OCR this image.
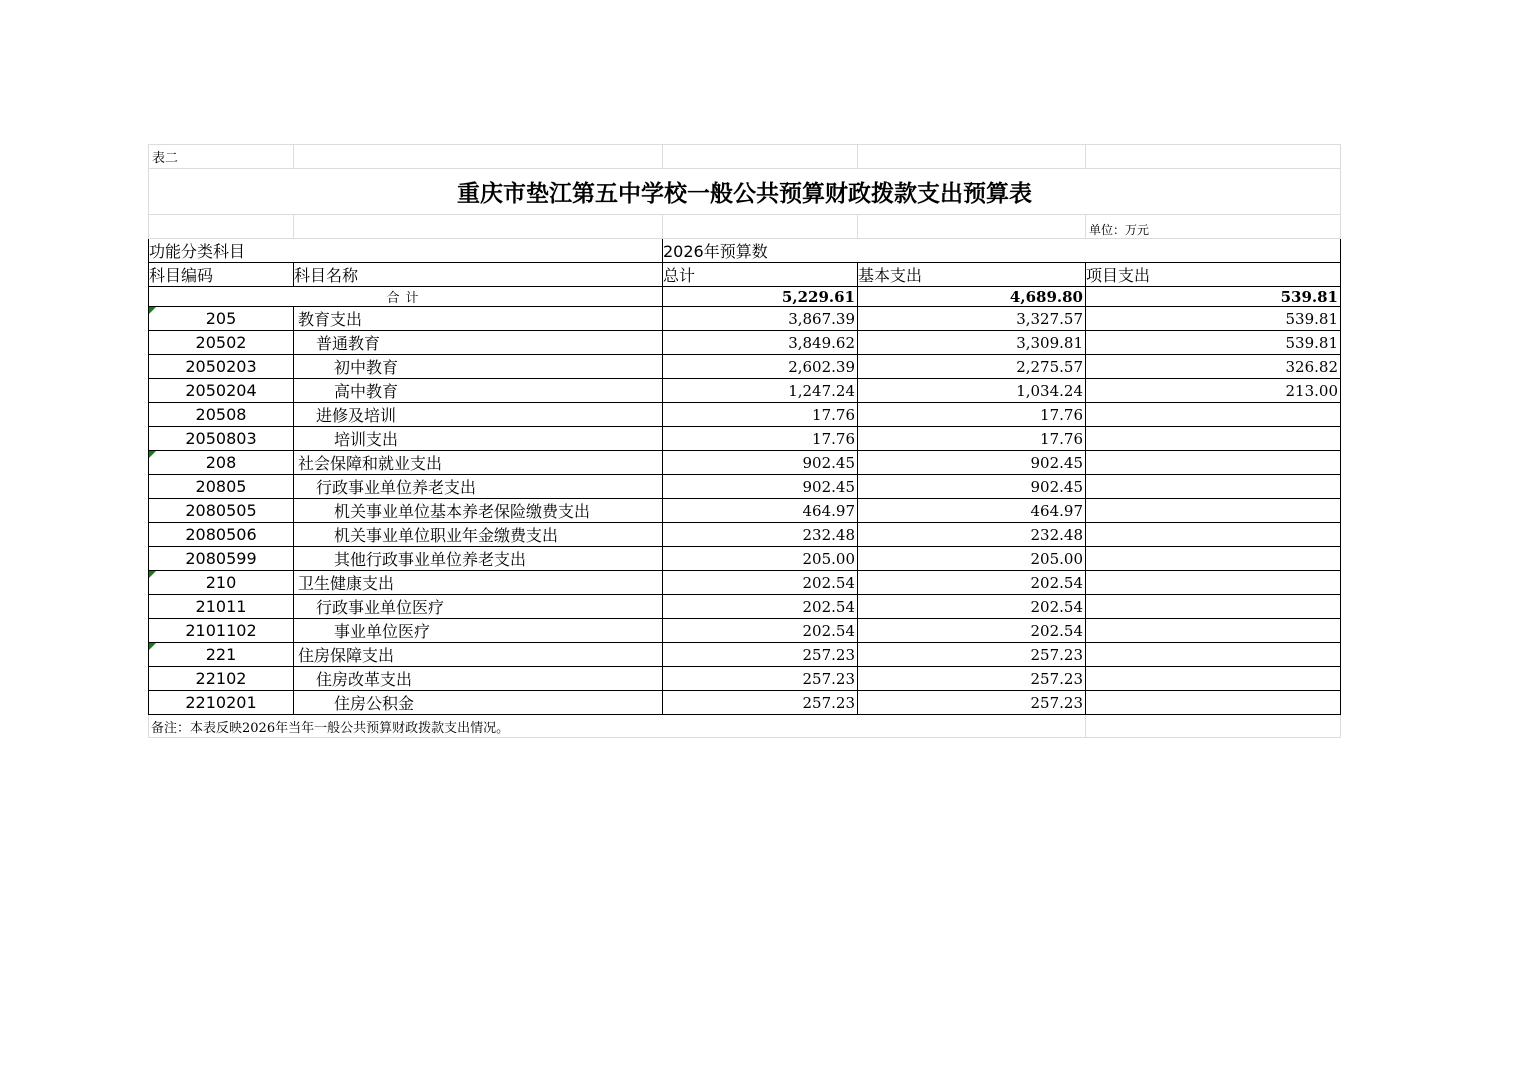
表二				
重庆市垫江第五中学校一般公共预算财政拨款支出预算表				
				单位：万元
功能分类科目		2026年预算数		
科目编码	科目名称	总计	基本支出	项目支出
合计		5,229.61	4,689.80	539.81
205	教育支出	3,867.39	3,327.57	539.81
20502	普通教育	3,849.62	3,309.81	539.81
2050203	初中教育	2,602.39	2,275.57	326.82
2050204	高中教育	1,247.24	1,034.24	213.00
20508	进修及培训	17.76	17.76	
2050803	培训支出	17.76	17.76	
208	社会保障和就业支出	902.45	902.45	
20805	行政事业单位养老支出	902.45	902.45	
2080505	机关事业单位基本养老保险缴费支出	464.97	464.97	
2080506	机关事业单位职业年金缴费支出	232.48	232.48	
2080599	其他行政事业单位养老支出	205.00	205.00	
210	卫生健康支出	202.54	202.54	
21011	行政事业单位医疗	202.54	202.54	
2101102	事业单位医疗	202.54	202.54	
221	住房保障支出	257.23	257.23	
22102	住房改革支出	257.23	257.23	
2210201	住房公积金	257.23	257.23	
备注：本表反映2026年当年一般公共预算财政拨款支出情况。				
